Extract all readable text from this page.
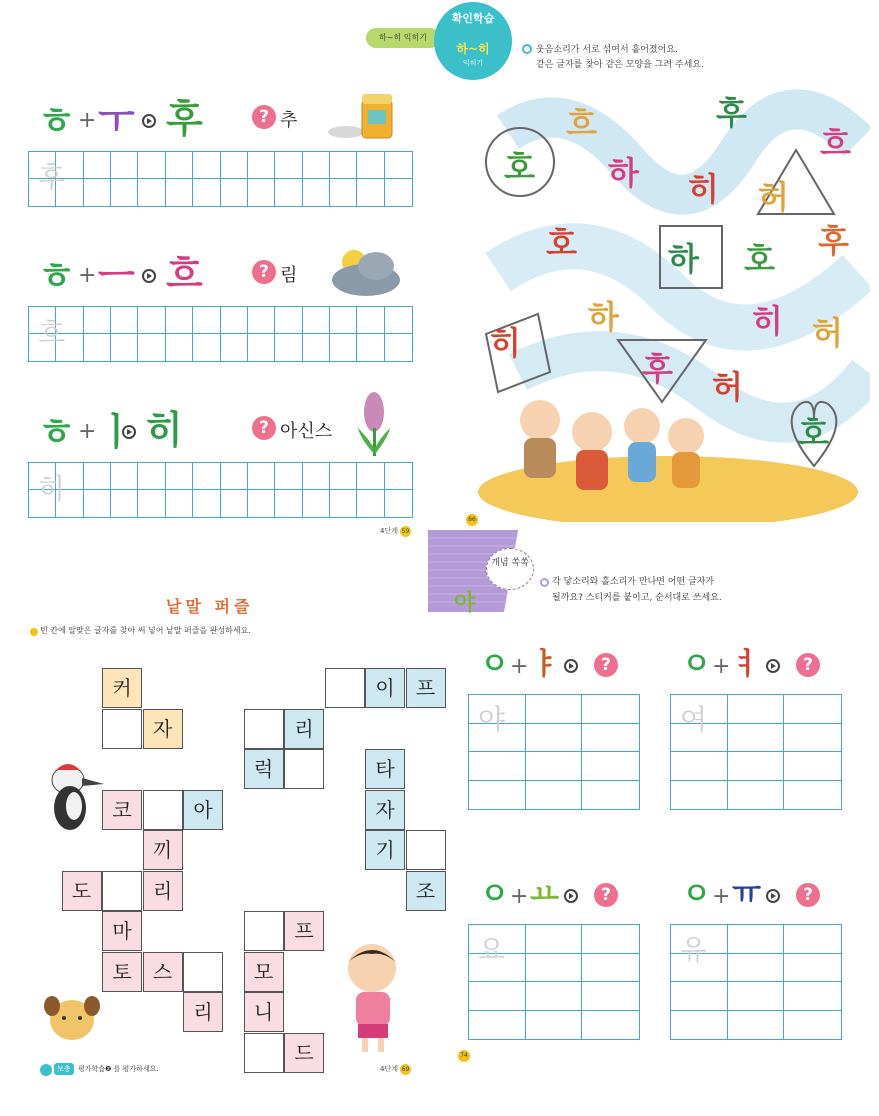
ㅎ + ㅜ 후	? 추
후
ㅎ + ㅡ 흐	? 림
흐
ㅎ + ㅣ 히	? 아신스
히
4단계 59
하~히 익히기
확인학습
하~히
익히기
웃음소리가 서로 섞여서 흩어졌어요.
같은 글자를 찾아 같은 모양을 그려 주세요.
흐	후
흐
호 하 히 허
호	하 호 후
하	히
히	허
후 허
호
66
낱말 퍼즐
빈 칸에 알맞은 글자를 찾아 써 넣어 낱말 퍼즐을 완성하세요.
커
자
코	아
끼
도	리
마
토	스
리
이	프
리
럭	타
자
기
조
프
모
니
드
보충	평가학습❷ 를 평가하세요.	4단계 69
야
개념 쏙쏙
각 닿소리와 홀소리가 만나면 어떤 글자가
될까요? 스티커를 붙이고, 순서대로 쓰세요.
ㅇ + ㅑ	?
야
ㅇ + ㅕ	?
여
ㅇ + ㅛ	?
요
ㅇ + ㅠ	?
유
74
